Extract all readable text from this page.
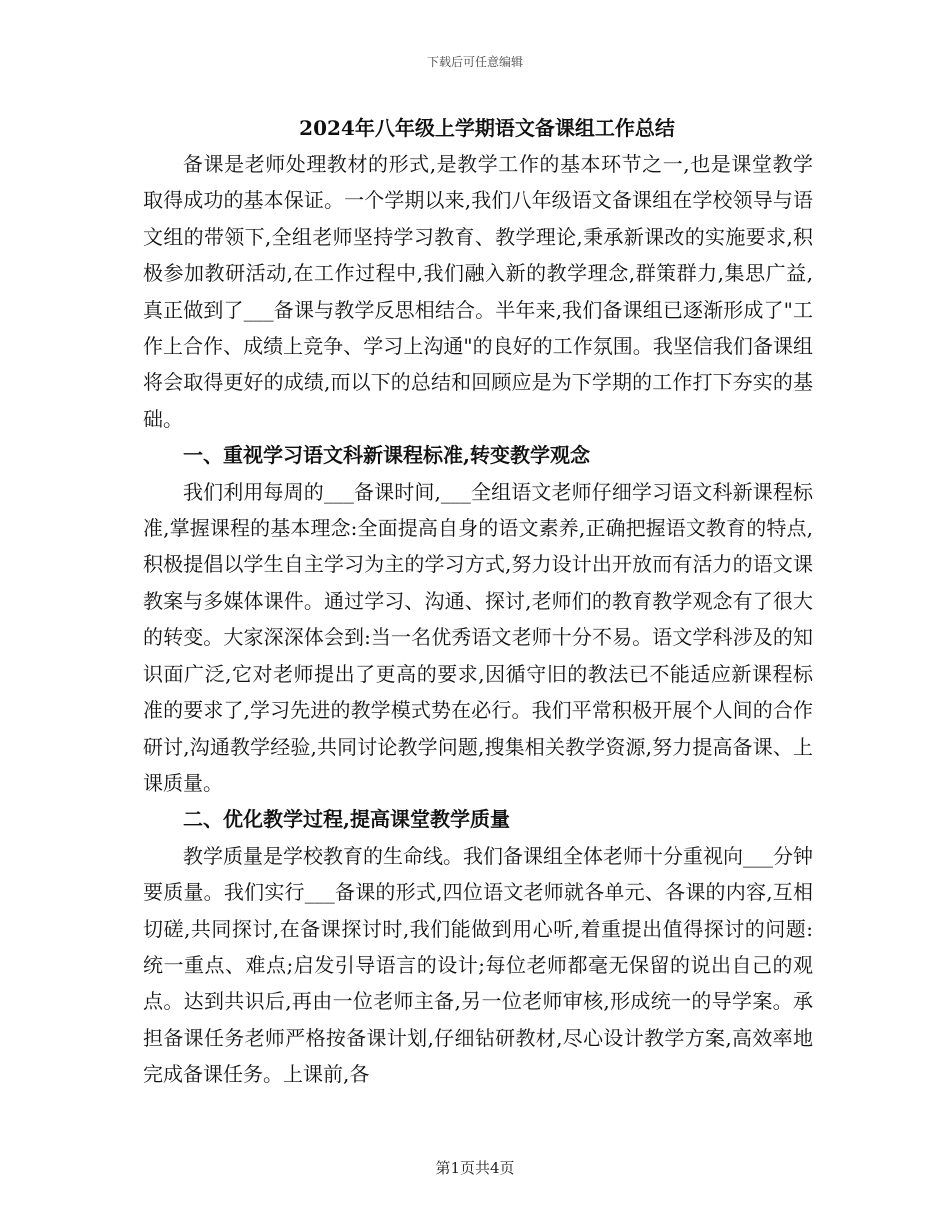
下载后可任意编辑

2024年八年级上学期语文备课组工作总结

备课是老师处理教材的形式,是教学工作的基本环节之一,也是课堂教学取得成功的基本保证。一个学期以来,我们八年级语文备课组在学校领导与语文组的带领下,全组老师坚持学习教育、教学理论,秉承新课改的实施要求,积极参加教研活动,在工作过程中,我们融入新的教学理念,群策群力,集思广益,真正做到了___备课与教学反思相结合。半年来,我们备课组已逐渐形成了"工作上合作、成绩上竞争、学习上沟通"的良好的工作氛围。我坚信我们备课组将会取得更好的成绩,而以下的总结和回顾应是为下学期的工作打下夯实的基础。

一、重视学习语文科新课程标准,转变教学观念

我们利用每周的___备课时间,___全组语文老师仔细学习语文科新课程标准,掌握课程的基本理念:全面提高自身的语文素养,正确把握语文教育的特点,积极提倡以学生自主学习为主的学习方式,努力设计出开放而有活力的语文课教案与多媒体课件。通过学习、沟通、探讨,老师们的教育教学观念有了很大的转变。大家深深体会到:当一名优秀语文老师十分不易。语文学科涉及的知识面广泛,它对老师提出了更高的要求,因循守旧的教法已不能适应新课程标准的要求了,学习先进的教学模式势在必行。我们平常积极开展个人间的合作研讨,沟通教学经验,共同讨论教学问题,搜集相关教学资源,努力提高备课、上课质量。

二、优化教学过程,提高课堂教学质量

教学质量是学校教育的生命线。我们备课组全体老师十分重视向___分钟要质量。我们实行___备课的形式,四位语文老师就各单元、各课的内容,互相切磋,共同探讨,在备课探讨时,我们能做到用心听,着重提出值得探讨的问题:统一重点、难点;启发引导语言的设计;每位老师都毫无保留的说出自己的观点。达到共识后,再由一位老师主备,另一位老师审核,形成统一的导学案。承担备课任务老师严格按备课计划,仔细钻研教材,尽心设计教学方案,高效率地完成备课任务。上课前,各

第1页共4页
